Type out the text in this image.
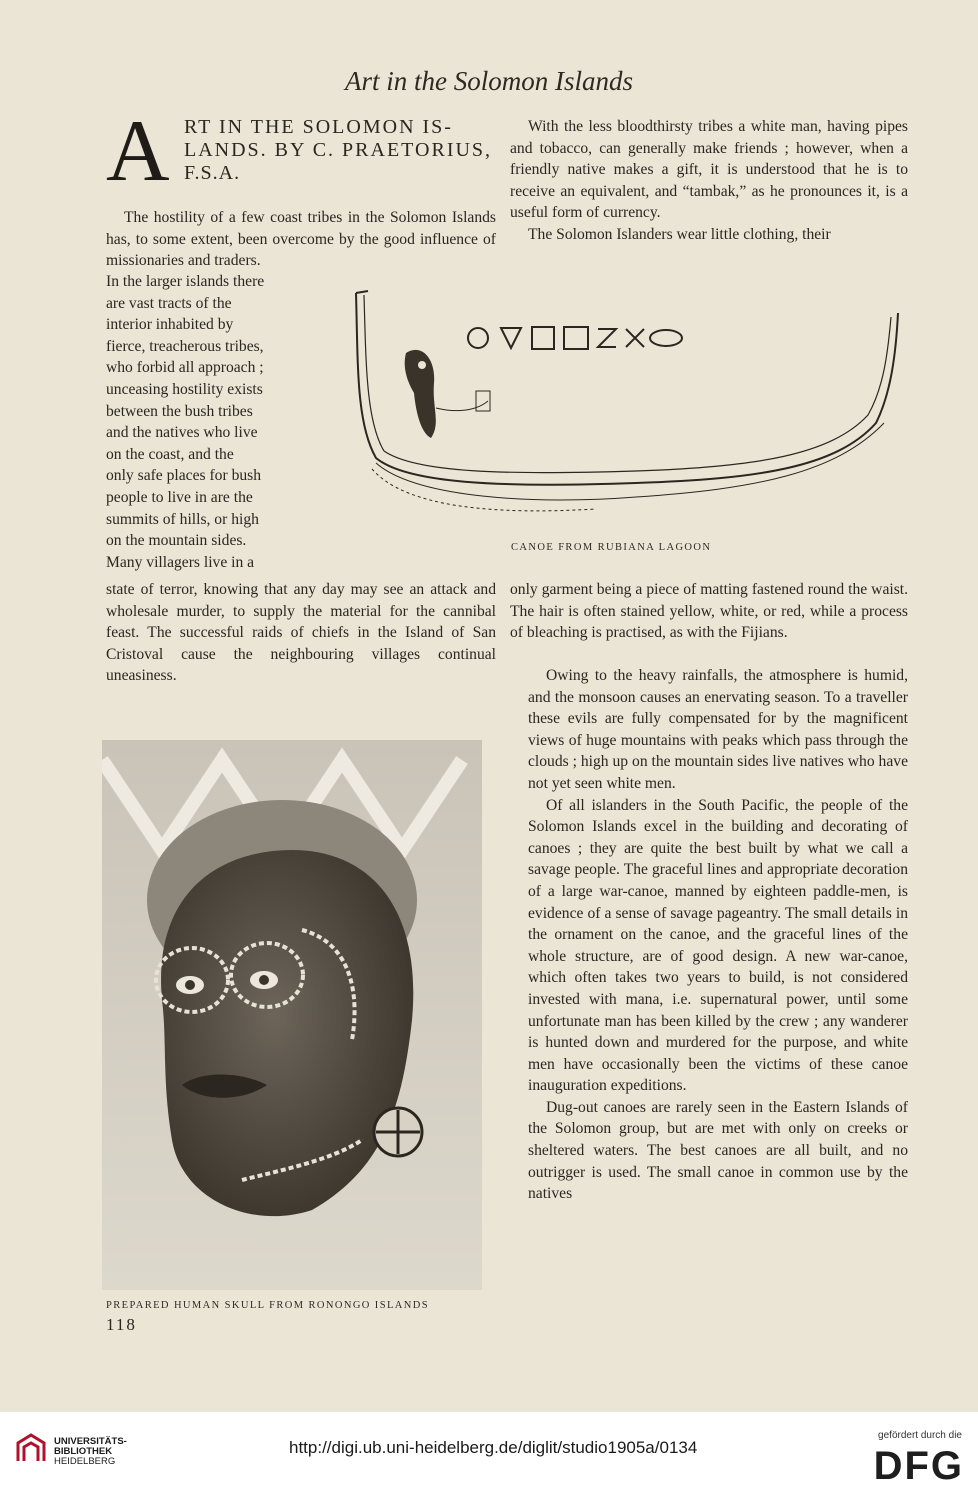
Art in the Solomon Islands
A RT IN THE SOLOMON IS-
LANDS. BY C. PRAETORIUS,
F.S.A.

The hostility of a few coast tribes in the Solomon Islands has, to some extent, been overcome by the good influence of missionaries and traders.

In the larger islands there
are vast tracts of the
interior inhabited by
fierce, treacherous tribes,
who forbid all approach ;
unceasing hostility exists
between the bush tribes
and the natives who live
on the coast, and the
only safe places for bush
people to live in are the
summits of hills, or high
on the mountain sides.
Many villagers live in a

state of terror, knowing that any day may see an attack and wholesale murder, to supply the material for the cannibal feast. The successful raids of chiefs in the Island of San Cristoval cause the neighbouring villages continual uneasiness.

With the less bloodthirsty tribes a white man, having pipes and tobacco, can generally make friends ; however, when a friendly native makes a gift, it is understood that he is to receive an equivalent, and “tambak,” as he pronounces it, is a useful form of currency.

The Solomon Islanders wear little clothing, their

CANOE FROM RUBIANA LAGOON
PREPARED HUMAN SKULL FROM RONONGO ISLANDS

only garment being a piece of matting fastened round the waist. The hair is often stained yellow, white, or red, while a process of bleaching is practised, as with the Fijians.

Owing to the heavy rainfalls, the atmosphere is humid, and the monsoon causes an enervating season. To a traveller these evils are fully compensated for by the magnificent views of huge mountains with peaks which pass through the clouds ; high up on the mountain sides live natives who have not yet seen white men.

Of all islanders in the South Pacific, the people of the Solomon Islands excel in the building and decorating of canoes ; they are quite the best built by what we call a savage people. The graceful lines and appropriate decoration of a large war-canoe, manned by eighteen paddle-men, is evidence of a sense of savage pageantry. The small details in the ornament on the canoe, and the graceful lines of the whole structure, are of good design. A new war-canoe, which often takes two years to build, is not considered invested with mana, i.e. supernatural power, until some unfortunate man has been killed by the crew ; any wanderer is hunted down and murdered for the purpose, and white men have occasionally been the victims of these canoe inauguration expeditions.

Dug-out canoes are rarely seen in the Eastern Islands of the Solomon group, but are met with only on creeks or sheltered waters. The best canoes are all built, and no outrigger is used. The small canoe in common use by the natives

118
UNIVERSITÄTS-
BIBLIOTHEK
HEIDELBERG
http://digi.ub.uni-heidelberg.de/diglit/studio1905a/0134
gefördert durch die
DFG
